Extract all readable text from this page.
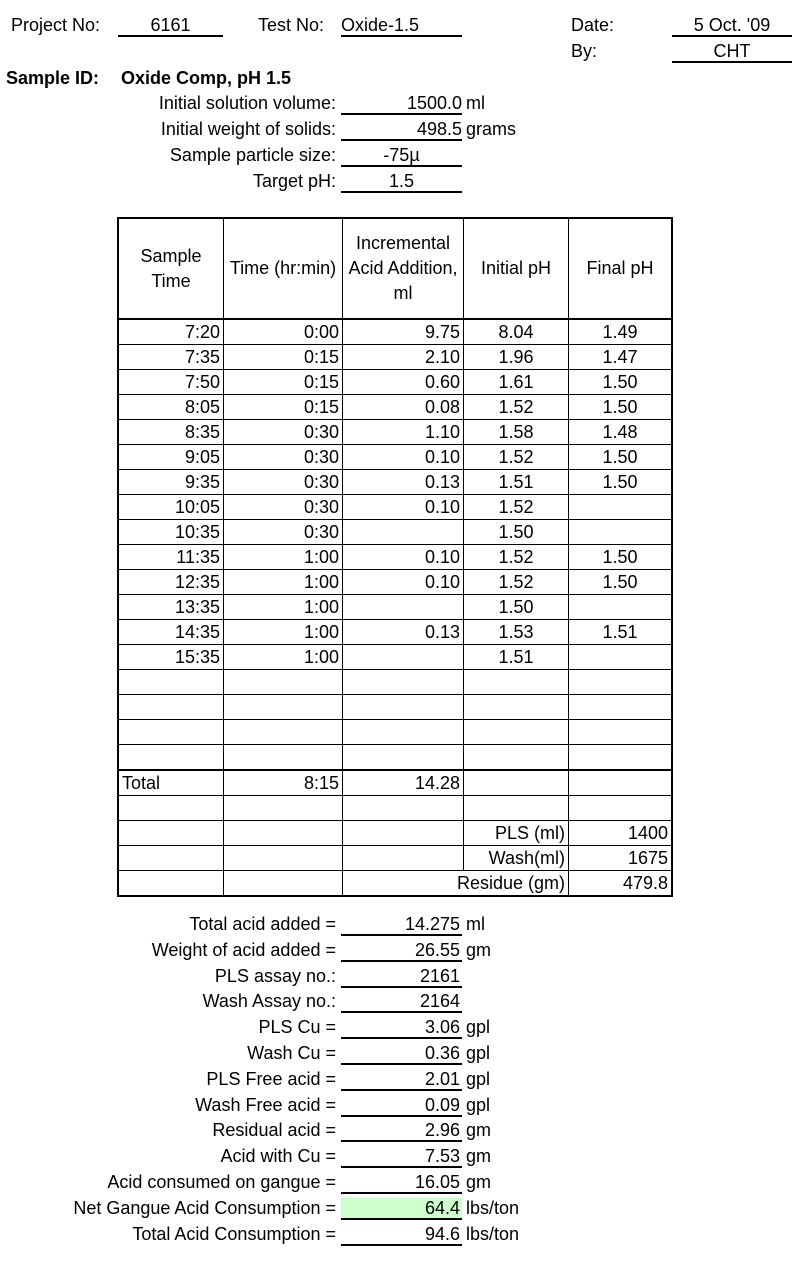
Project No:	6161	Test No: Oxide-1.5	Date:	5 Oct. '09
By:	CHT
Sample ID: Oxide Comp, pH 1.5
Initial solution volume:	1500.0 ml
Initial weight of solids:	498.5 grams
Sample particle size:	-75µ
Target pH:	1.5
Sample Time	Time (hr:min)	Incremental Acid Addition, ml	Initial pH	Final pH
7:20	0:00	9.75	8.04	1.49
7:35	0:15	2.10	1.96	1.47
7:50	0:15	0.60	1.61	1.50
8:05	0:15	0.08	1.52	1.50
8:35	0:30	1.10	1.58	1.48
9:05	0:30	0.10	1.52	1.50
9:35	0:30	0.13	1.51	1.50
10:05	0:30	0.10	1.52	
10:35	0:30		1.50	
11:35	1:00	0.10	1.52	1.50
12:35	1:00	0.10	1.52	1.50
13:35	1:00		1.50	
14:35	1:00	0.13	1.53	1.51
15:35	1:00		1.51	

Total	8:15	14.28		

			PLS (ml)	1400
			Wash(ml)	1675
		Residue (gm)		479.8
Total acid added =	14.275 ml
Weight of acid added =	26.55 gm
PLS assay no.:	2161
Wash Assay no.:	2164
PLS Cu =	3.06 gpl
Wash Cu =	0.36 gpl
PLS Free acid =	2.01 gpl
Wash Free acid =	0.09 gpl
Residual acid =	2.96 gm
Acid with Cu =	7.53 gm
Acid consumed on gangue =	16.05 gm
Net Gangue Acid Consumption =	64.4 lbs/ton
Total Acid Consumption =	94.6 lbs/ton
